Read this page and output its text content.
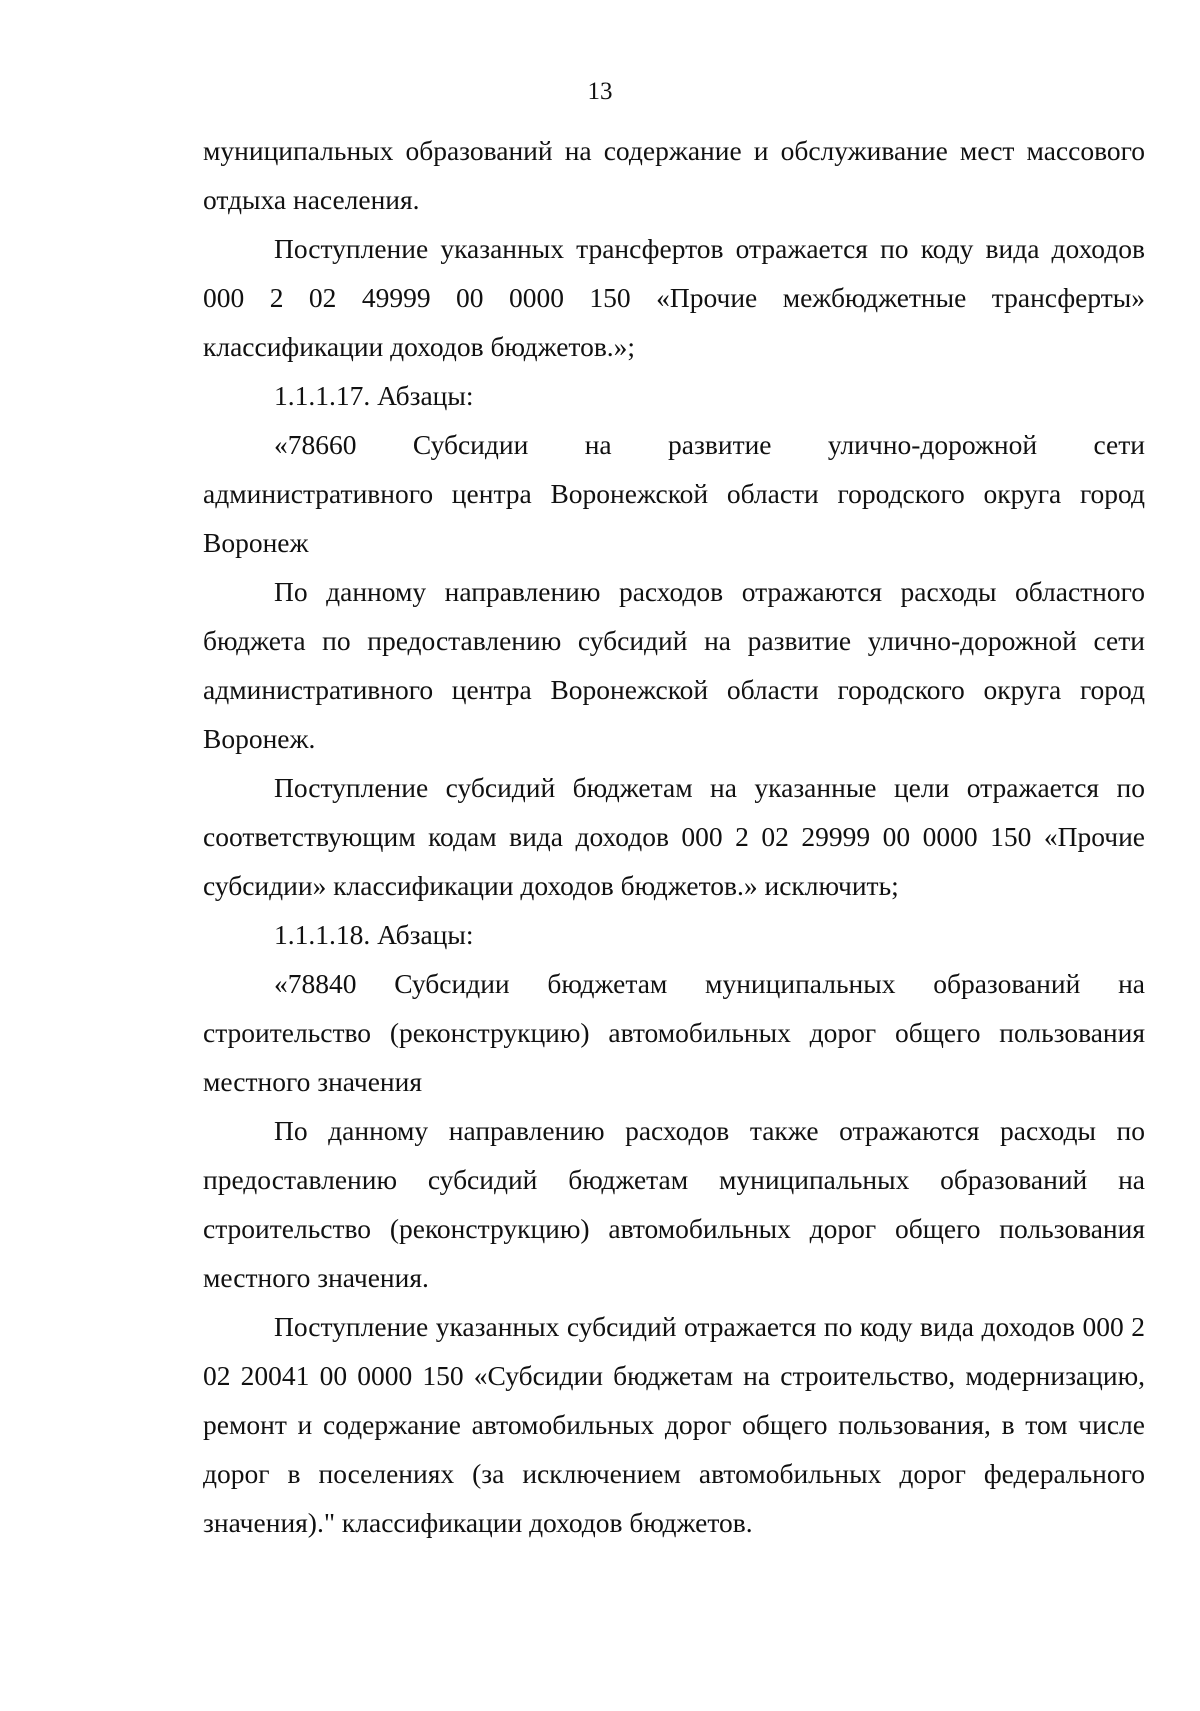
13

муниципальных образований на содержание и обслуживание мест массового отдыха населения.

Поступление указанных трансфертов отражается по коду вида доходов 000 2 02 49999 00 0000 150 «Прочие межбюджетные трансферты» классификации доходов бюджетов.»;

1.1.1.17. Абзацы:

«78660 Субсидии на развитие улично-дорожной сети административного центра Воронежской области городского округа город Воронеж

По данному направлению расходов отражаются расходы областного бюджета по предоставлению субсидий на развитие улично-дорожной сети административного центра Воронежской области городского округа город Воронеж.

Поступление субсидий бюджетам на указанные цели отражается по соответствующим кодам вида доходов 000 2 02 29999 00 0000 150 «Прочие субсидии» классификации доходов бюджетов.» исключить;

1.1.1.18. Абзацы:

«78840 Субсидии бюджетам муниципальных образований на строительство (реконструкцию) автомобильных дорог общего пользования местного значения

По данному направлению расходов также отражаются расходы по предоставлению субсидий бюджетам муниципальных образований на строительство (реконструкцию) автомобильных дорог общего пользования местного значения.

Поступление указанных субсидий отражается по коду вида доходов 000 2 02 20041 00 0000 150 «Субсидии бюджетам на строительство, модернизацию, ремонт и содержание автомобильных дорог общего пользования, в том числе дорог в поселениях (за исключением автомобильных дорог федерального значения)." классификации доходов бюджетов.
